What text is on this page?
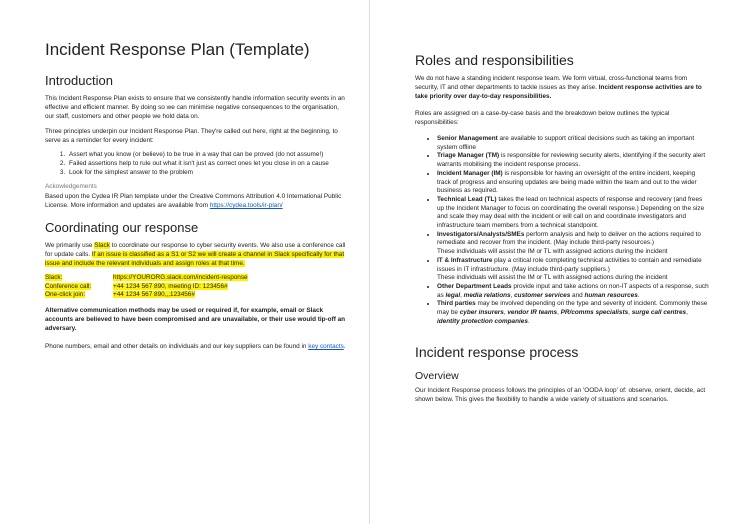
Incident Response Plan (Template)
Introduction

This Incident Response Plan exists to ensure that we consistently handle information security events in an effective and efficient manner. By doing so we can minimise negative consequences to the organisation, our staff, customers and other people we hold data on.

Three principles underpin our Incident Response Plan. They're called out here, right at the beginning, to serve as a reminder for every incident:

1. Assert what you know (or believe) to be true in a way that can be proved (do not assume!)
2. Failed assertions help to rule out what it isn't just as correct ones let you close in on a cause
3. Look for the simplest answer to the problem
Ackowledgements

Based upon the Cydea IR Plan template under the Creative Commons Attribution 4.0 International Public License. More information and updates are available from https://cydea.tools/ir-plan/

Coordinating our response

We primarily use Slack to coordinate our response to cyber security events. We also use a conference call for update calls. If an issue is classified as a S1 or S2 we will create a channel in Slack specifically for that issue and include the relevant individuals and assign roles at that time.

Slack:	https://YOURORG.slack.com/incident-response
Conference call:	+44 1234 567 890, meeting ID: 123456#
One-click join:	+44 1234 567 890,,,123456#

Alternative communication methods may be used or required if, for example, email or Slack accounts are believed to have been compromised and are unavailable, or their use would tip-off an adversary.

Phone numbers, email and other details on individuals and our key suppliers can be found in key contacts.

Roles and responsibilities

We do not have a standing incident response team. We form virtual, cross-functional teams from security, IT and other departments to tackle issues as they arise. Incident response activities are to take priority over day-to-day responsibilities.

Roles are assigned on a case-by-case basis and the breakdown below outlines the typical responsibilities:

• Senior Management are available to support critical decisions such as taking an important system offline
• Triage Manager (TM) is responsible for reviewing security alerts, identifying if the security alert warrants mobilising the incident response process.
• Incident Manager (IM) is responsible for having an oversight of the entire incident, keeping track of progress and ensuring updates are being made within the team and out to the wider business as required.
• Technical Lead (TL) takes the lead on technical aspects of response and recovery (and frees up the Incident Manager to focus on coordinating the overall response.) Depending on the size and scale they may deal with the incident or will call on and coordinate investigators and infrastructure team members from a technical standpoint.
• Investigators/Analysts/SMEs perform analysis and help to deliver on the actions required to remediate and recover from the incident. (May include third-party resources.)
These individuals will assist the IM or TL with assigned actions during the incident
• IT & Infrastructure play a critical role completing technical activities to contain and remediate issues in IT infrastructure. (May include third-party suppliers.)
These individuals will assist the IM or TL with assigned actions during the incident
• Other Department Leads provide input and take actions on non-IT aspects of a response, such as legal, media relations, customer services and human resources.
• Third parties may be involved depending on the type and severity of incident. Commonly these may be cyber insurers, vendor IR teams, PR/comms specialists, surge call centres, identity protection companies.
Incident response process
Overview

Our Incident Response process follows the principles of an 'OODA loop' of: observe, orient, decide, act shown below. This gives the flexibility to handle a wide variety of situations and scenarios.
